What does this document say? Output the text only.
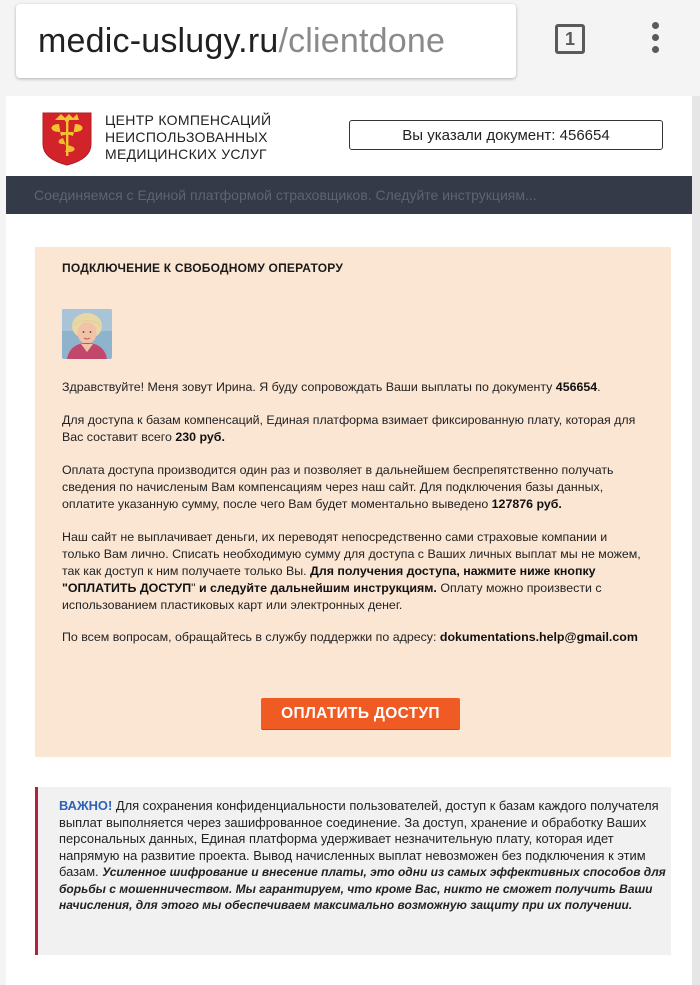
medic-uslugy.ru /clientdone	1
ЦЕНТР КОМПЕНСАЦИЙ
НЕИСПОЛЬЗОВАННЫХ
МЕДИЦИНСКИХ УСЛУГ
Вы указали документ: 456654
Соединяемся с Единой платформой страховщиков. Следуйте инструкциям...
ПОДКЛЮЧЕНИЕ К СВОБОДНОМУ ОПЕРАТОРУ

Здравствуйте! Меня зовут Ирина. Я буду сопровождать Ваши выплаты по документу 456654.

Для доступа к базам компенсаций, Единая платформа взимает фиксированную плату, которая для Вас составит всего 230 руб.

Оплата доступа производится один раз и позволяет в дальнейшем беспрепятственно получать сведения по начисленым Вам компенсациям через наш сайт. Для подключения базы данных, оплатите указанную сумму, после чего Вам будет моментально выведено 127876 руб.

Наш сайт не выплачивает деньги, их переводят непосредственно сами страховые компании и только Вам лично. Списать необходимую сумму для доступа с Ваших личных выплат мы не можем, так как доступ к ним получаете только Вы. Для получения доступа, нажмите ниже кнопку "ОПЛАТИТЬ ДОСТУП" и следуйте дальнейшим инструкциям. Оплату можно произвести с использованием пластиковых карт или электронных денег.

По всем вопросам, обращайтесь в службу поддержки по адресу: dokumentations.help@gmail.com

ОПЛАТИТЬ ДОСТУП
ВАЖНО! Для сохранения конфиденциальности пользователей, доступ к базам каждого получателя выплат выполняется через зашифрованное соединение. За доступ, хранение и обработку Ваших персональных данных, Единая платформа удерживает незначительную плату, которая идет напрямую на развитие проекта. Вывод начисленных выплат невозможен без подключения к этим базам. Усиленное шифрование и внесение платы, это одни из самых эффективных способов для борьбы с мошенничеством. Мы гарантируем, что кроме Вас, никто не сможет получить Ваши начисления, для этого мы обеспечиваем максимально возможную защиту при их получении.
